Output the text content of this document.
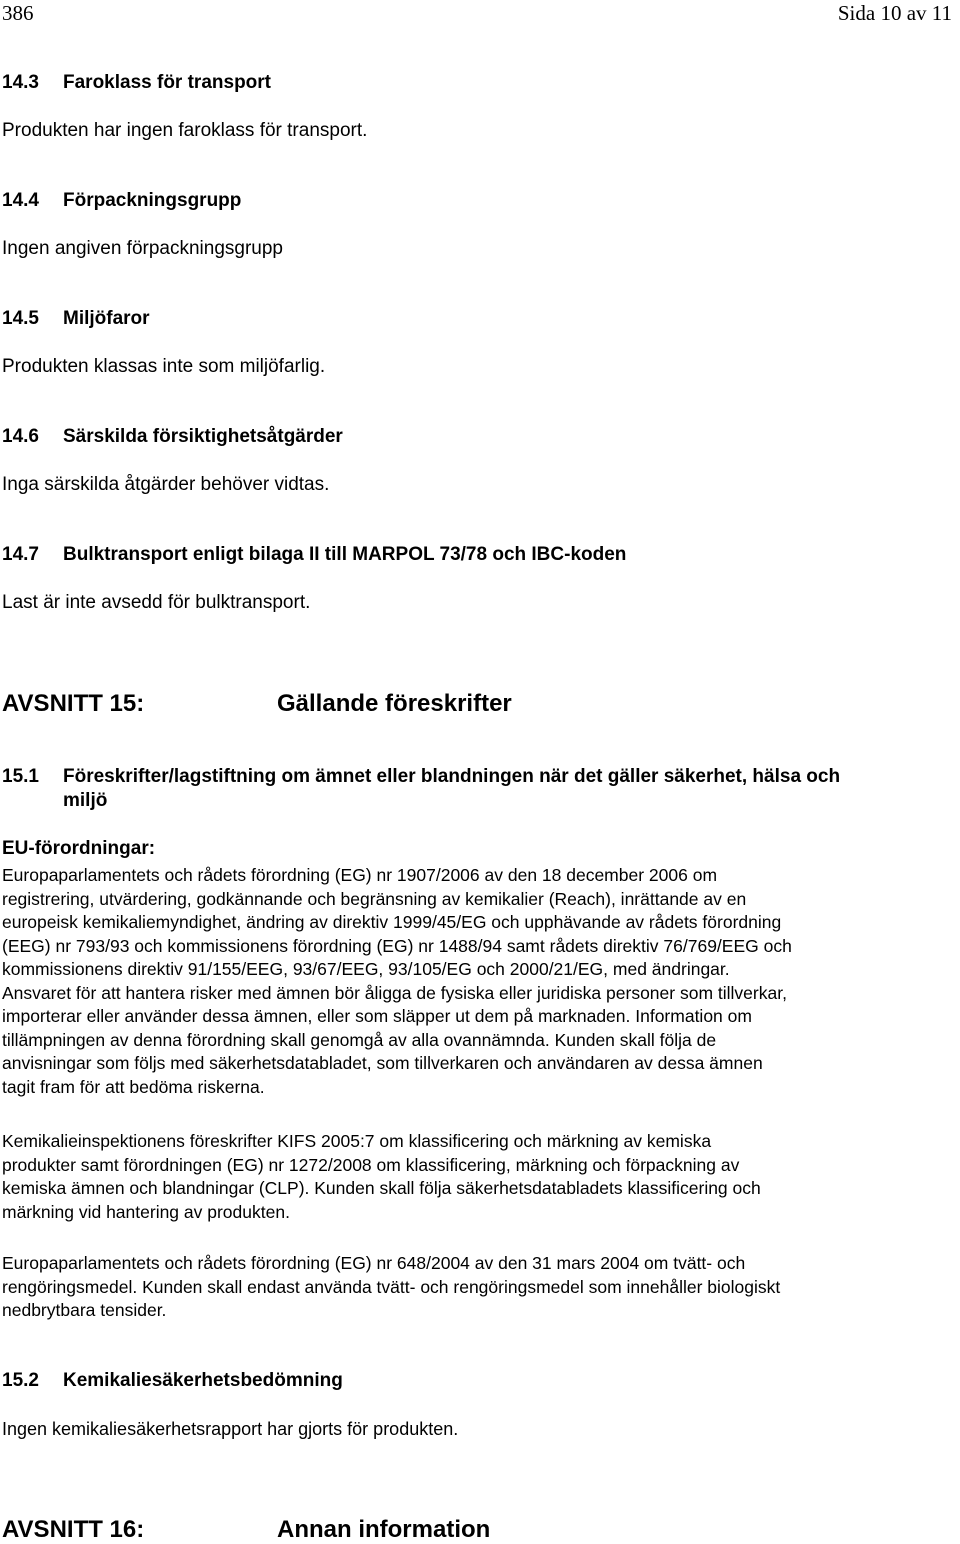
386	Sida 10 av 11
14.3 Faroklass för transport
Produkten har ingen faroklass för transport.
14.4 Förpackningsgrupp
Ingen angiven förpackningsgrupp
14.5 Miljöfaror
Produkten klassas inte som miljöfarlig.
14.6 Särskilda försiktighetsåtgärder
Inga särskilda åtgärder behöver vidtas.
14.7 Bulktransport enligt bilaga II till MARPOL 73/78 och IBC-koden
Last är inte avsedd för bulktransport.
AVSNITT 15:	Gällande föreskrifter
15.1 Föreskrifter/lagstiftning om ämnet eller blandningen när det gäller säkerhet, hälsa och
miljö
EU-förordningar:
Europaparlamentets och rådets förordning (EG) nr 1907/2006 av den 18 december 2006 om
registrering, utvärdering, godkännande och begränsning av kemikalier (Reach), inrättande av en
europeisk kemikaliemyndighet, ändring av direktiv 1999/45/EG och upphävande av rådets förordning
(EEG) nr 793/93 och kommissionens förordning (EG) nr 1488/94 samt rådets direktiv 76/769/EEG och
kommissionens direktiv 91/155/EEG, 93/67/EEG, 93/105/EG och 2000/21/EG, med ändringar.
Ansvaret för att hantera risker med ämnen bör åligga de fysiska eller juridiska personer som tillverkar,
importerar eller använder dessa ämnen, eller som släpper ut dem på marknaden. Information om
tillämpningen av denna förordning skall genomgå av alla ovannämnda. Kunden skall följa de
anvisningar som följs med säkerhetsdatabladet, som tillverkaren och användaren av dessa ämnen
tagit fram för att bedöma riskerna.
Kemikalieinspektionens föreskrifter KIFS 2005:7 om klassificering och märkning av kemiska
produkter samt förordningen (EG) nr 1272/2008 om klassificering, märkning och förpackning av
kemiska ämnen och blandningar (CLP). Kunden skall följa säkerhetsdatabladets klassificering och
märkning vid hantering av produkten.
Europaparlamentets och rådets förordning (EG) nr 648/2004 av den 31 mars 2004 om tvätt- och
rengöringsmedel. Kunden skall endast använda tvätt- och rengöringsmedel som innehåller biologiskt
nedbrytbara tensider.
15.2 Kemikaliesäkerhetsbedömning
Ingen kemikaliesäkerhetsrapport har gjorts för produkten.
AVSNITT 16:	Annan information
